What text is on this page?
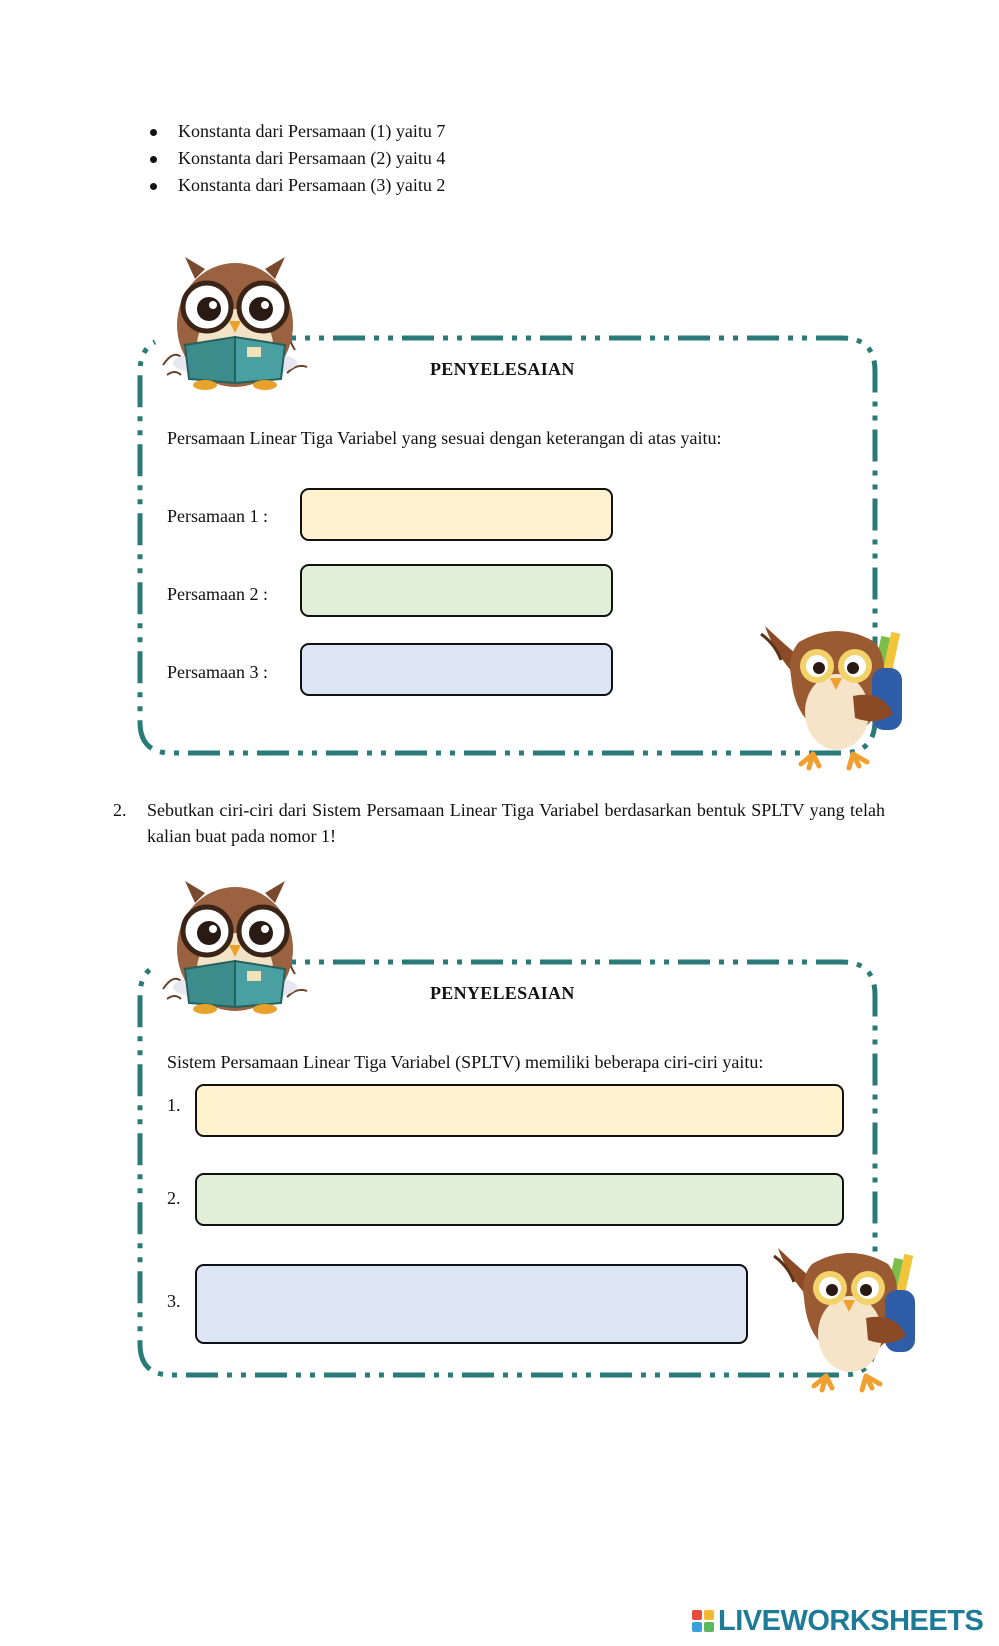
Konstanta dari Persamaan (1) yaitu 7
Konstanta dari Persamaan (2) yaitu 4
Konstanta dari Persamaan (3) yaitu 2
PENYELESAIAN
Persamaan Linear Tiga Variabel yang sesuai dengan keterangan di atas yaitu:
Persamaan 1 :
Persamaan 2 :
Persamaan 3 :
2. Sebutkan ciri-ciri dari Sistem Persamaan Linear Tiga Variabel berdasarkan bentuk SPLTV yang telah kalian buat pada nomor 1!
PENYELESAIAN
Sistem Persamaan Linear Tiga Variabel (SPLTV) memiliki beberapa ciri-ciri yaitu:
1.
2.
3.
LIVEWORKSHEETS
